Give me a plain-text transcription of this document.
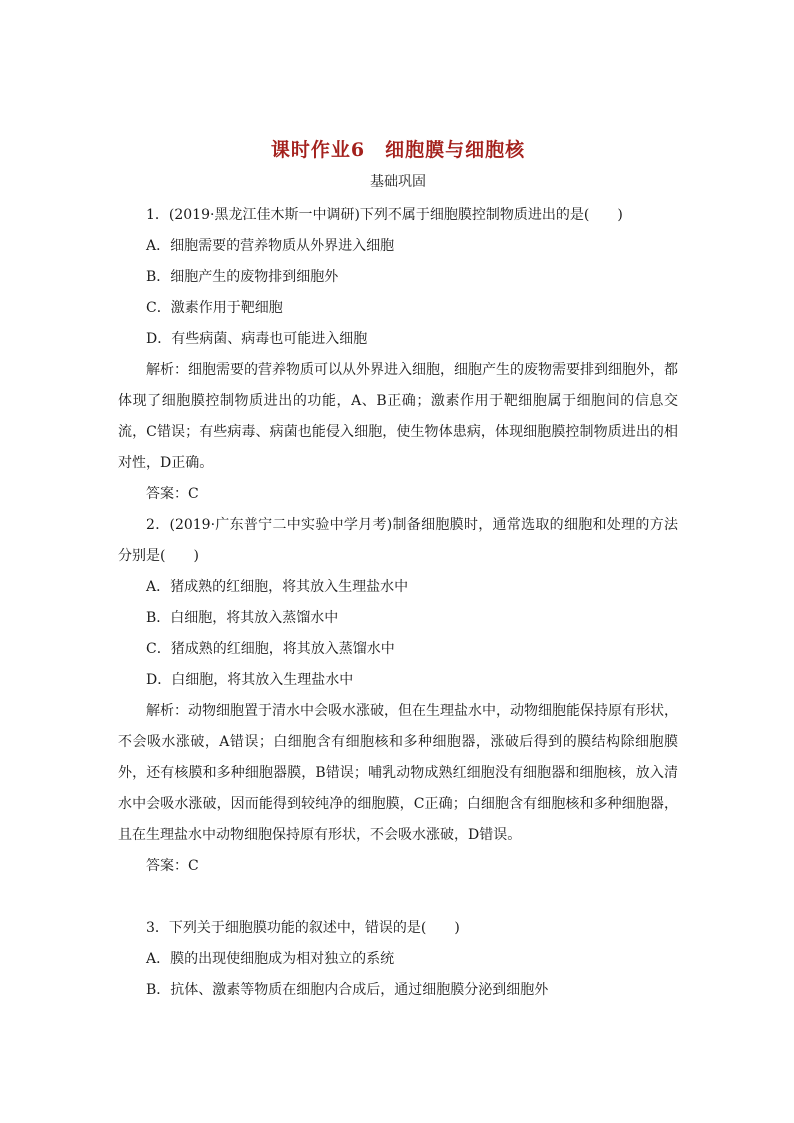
课时作业6　细胞膜与细胞核
基础巩固
1．(2019·黑龙江佳木斯一中调研)下列不属于细胞膜控制物质进出的是(　　)
A．细胞需要的营养物质从外界进入细胞
B．细胞产生的废物排到细胞外
C．激素作用于靶细胞
D．有些病菌、病毒也可能进入细胞

解析：细胞需要的营养物质可以从外界进入细胞，细胞产生的废物需要排到细胞外，都体现了细胞膜控制物质进出的功能，A、B正确；激素作用于靶细胞属于细胞间的信息交流，C错误；有些病毒、病菌也能侵入细胞，使生物体患病，体现细胞膜控制物质进出的相对性，D正确。

答案：C

2．(2019·广东普宁二中实验中学月考)制备细胞膜时，通常选取的细胞和处理的方法分别是(　　)

A．猪成熟的红细胞，将其放入生理盐水中
B．白细胞，将其放入蒸馏水中
C．猪成熟的红细胞，将其放入蒸馏水中
D．白细胞，将其放入生理盐水中

解析：动物细胞置于清水中会吸水涨破，但在生理盐水中，动物细胞能保持原有形状，不会吸水涨破，A错误；白细胞含有细胞核和多种细胞器，涨破后得到的膜结构除细胞膜外，还有核膜和多种细胞器膜，B错误；哺乳动物成熟红细胞没有细胞器和细胞核，放入清水中会吸水涨破，因而能得到较纯净的细胞膜，C正确；白细胞含有细胞核和多种细胞器，且在生理盐水中动物细胞保持原有形状，不会吸水涨破，D错误。

答案：C
3．下列关于细胞膜功能的叙述中，错误的是(　　)
A．膜的出现使细胞成为相对独立的系统
B．抗体、激素等物质在细胞内合成后，通过细胞膜分泌到细胞外
